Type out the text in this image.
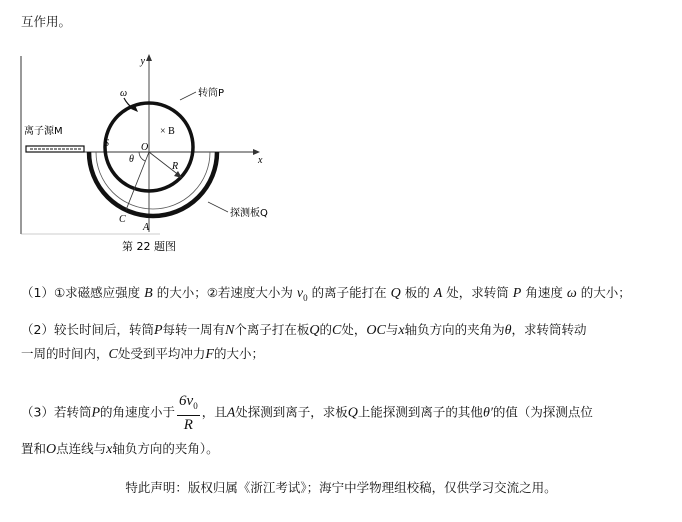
互作用。
y
x
ω	转筒P
探测板Q
离子源M
S	O
× B
θ
R
C
A
第 22 题图
（1）①求磁感应强度 B 的大小；②若速度大小为 $v_0$ 的离子能打在 Q 板的 A 处，求转筒 P 角速度 ω 的大小；
（2）较长时间后，转筒P每转一周有N个离子打在板Q的C处，OC与x轴负方向的夹角为θ，求转筒转动
一周的时间内，C处受到平均冲力F的大小；
（3）若转筒P的角速度小于 $\frac{6v_0}{R}$ ，且A处探测到离子，求板Q上能探测到离子的其他θ′的值（为探测点位
置和O点连线与x轴负方向的夹角）。
特此声明：版权归属《浙江考试》；海宁中学物理组校稿，仅供学习交流之用。
